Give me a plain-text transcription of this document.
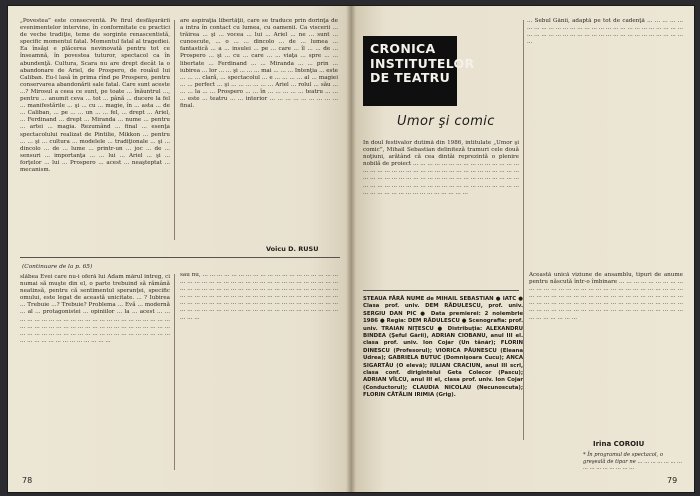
„Povestea” este consecventă. Pe firul desfăşurării evenimentelor intervine, în conformitate cu practici de veche tradiţie, teme de sorginte renascentistă, specific momentul fatal. Momentul fatal al tragediei. Ea însăşi e plăcerea nevinovată pentru tot ce înseamnă, în povestea tuturor, spectacol ca în abundenţă. Cultura, Scara nu are drept decât la o abandonare de Ariel, de Prospero, de rouăul lui Caliban. Eu-l lasă în prima rînd pe Prospero, pentru conservarea abandonării sale fatal. Care sunt aceste ...? Mirosul a ceea ce sunt, pe toate ... înăuntrul ..., pentru ... anumit ceva ... tot ... până ... ducere la fel ... manifestările ... şi ... cu ... magie, în ... asta ... de ... Caliban, ... pe ... ... un ... ... fel, ... drept ... Ariel, ... Ferdinand ... drept ... Miranda ... nume ... pentru ... artei ... magia. Rezumând ... final ... esenţa spectacolului realizat de Pintilie, Mikkon ... pentru ... ... şi ... cultura ... modelele ... tradiţionale ... şi ... dincolo ... de ... lume ... printr-un ... joc ... de ... sensuri ... importanţa ... ... lui ... Ariel ... şi ... forţelor ... lui ... Prospero ... acest ... neaşteptat ... mecanism.
are aspiraţia libertăţii, care se traduce prin dorinţa de a intra în contact cu lumea, cu oamenii. Ca viscerii ... trăirea ... şi ... vocea ... lui ... Ariel ... ne ... sunt ... cunoscute, ... o ... ... dincolo ... de ... lumea ... fantastică ... a ... insulei ... pe ... care ... îl ... ... de ... Prospero ... şi ... cu ... care ... ... viaţa ... spre ... ... libertate ... Ferdinand ... ... Miranda ... ... prin ... iubirea ... lor ... ... şi ... ... ... mai ... ... ... Intenţia ... este ... ... ... clară, ... spectacolul ... e ... ... ... ... al ... magiei ... ... perfect ... şi ... ... ... ... ... ... Ariel ... rolul ... său ... ... ... la ... ... Prospero ... ... în ... ... ... ... ... teatru ... ... ... este ... teatru ... ... interior ... ... ... ... ... ... ... ... ... final.
Voicu D. RUSU
(Continuare de la p. 65)
slăbea Evei care nu-i oferă lui Adam mărul întreg, ci numai să muşte din el, o parte trebuind să rămână neatinsă, pentru că sentimentul speranţei, specific omului, este legat de această unicitate. ... ? Iubirea ... Trebuie ...? Trebuie? Problema ... Evă ... modernă ... al ... protagonistei ... opiniilor ... la ... acest ... ... ... ... ... ... ... ... ... ... ... ... ... ... ... ... ... ... ... ... ... ... ... ... ... ... ... ... ... ... ... ... ... ... ... ... ... ... ... ... ... ... ... ... ... ... ... ... ... ... ... ... ... ... ... ... ... ... ... ... ... ... ... ... ... ... ... ... ... ... ... ... ... ... ... ... ... ...
sau nu, ... ... ... ... ... ... ... ... ... ... ... ... ... ... ... ... ... ... ... ... ... ... ... ... ... ... ... ... ... ... ... ... ... ... ... ... ... ... ... ... ... ... ... ... ... ... ... ... ... ... ... ... ... ... ... ... ... ... ... ... ... ... ... ... ... ... ... ... ... ... ... ... ... ... ... ... ... ... ... ... ... ... ... ... ... ... ... ... ... ... ... ... ... ... ... ... ... ... ... ... ... ... ... ... ... ... ... ... ... ... ... ... ... ... ... ... ... ... ... ... ... ... ... ... ... ... ... ... ... ... ... ...
78
CRONICA
INSTITUTELOR
DE TEATRU
... Sebul Gănii, adaptă pe tot de cadenţă ... ... ... ... ... ... ... ... ... ... ... ... ... ... ... ... ... ... ... ... ... ... ... ... ... ... ... ... ... ... ... ... ... ... ... ... ... ... ... ... ... ... ... ... ... ... ... ... ... ...
Umor şi comic
În doul festivalor dutimă din 1986, intitulate „Umor şi comic”, Mihail Sebastian deliniteză tramuri cele două noţiuni, arătând că cea dintâi reprezintă o plenire nobilă de proiect ... ... ... ... ... ... ... ... ... ... ... ... ... ... ... ... ... ... ... ... ... ... ... ... ... ... ... ... ... ... ... ... ... ... ... ... ... ... ... ... ... ... ... ... ... ... ... ... ... ... ... ... ... ... ... ... ... ... ... ... ... ... ... ... ... ... ... ... ... ... ... ... ... ... ... ... ... ... ... ... ... ... ... ... ... ... ... ... ... ... ... ... ... ... ... ...
STEAUA FĂRĂ NUME de MIHAIL SEBASTIAN ● IATC ● Clasa prof. univ. DEM RĂDULESCU, prof. univ. SERGIU DAN PIC ● Data premierei: 2 noiembrie 1986 ● Regia: DEM RĂDULESCU ● Scenografia: prof. univ. TRAIAN NIŢESCU ● Distribuţia: ALEXANDRU BINDEA (Şeful Gării), ADRIAN CIOBANU, anul III el. clasa prof. univ. Ion Cojar (Un tânăr); FLORIN DINESCU (Profesorul); VIORICA PĂUNESCU (Eleana Udrea); GABRIELA BUTUC (Domnişoara Cucu); ANCA SIGARTĂU (O elevă); IULIAN CRACIUN, anul III scrl, clasa conf. dirigintelui Geta Colecor (Pascu); ADRIAN VÎLCU, anul III el, clasa prof. univ. Ion Cojar (Conductorul); CLAUDIA NICOLAU (Necunoscuta); FLORIN CĂTĂLIN IRIMIA (Grig).
Această unică viziune de ansamblu, tipuri de anume pentru născută într-o îmbinare ... ... ... ... ... ... ... ... ... ... ... ... ... ... ... ... ... ... ... ... ... ... ... ... ... ... ... ... ... ... ... ... ... ... ... ... ... ... ... ... ... ... ... ... ... ... ... ... ... ... ... ... ... ... ... ... ... ... ... ... ... ... ... ... ... ... ... ... ... ... ... ... ... ... ... ... ... ... ... ... ... ... ... ... ... ... ... ... ... ... ... ... ... ... ... ... ... ... ... ...
Irina COROIU
* În programul de spectacol, o greşeală de tipar ne ... ... ... ... ... ... ... ... ... ... ... ... ... ... ...
79
